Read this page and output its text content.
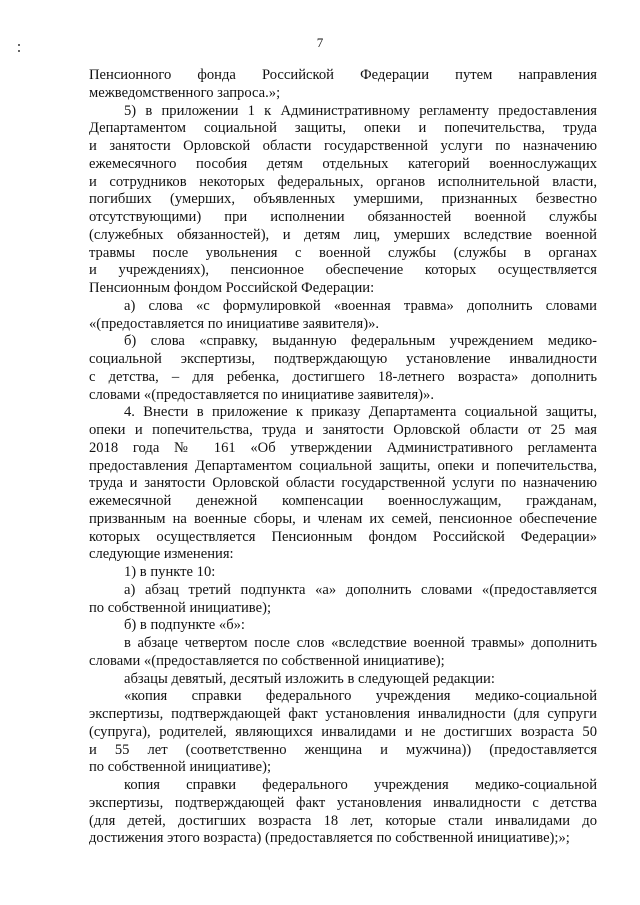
7
Пенсионного фонда Российской Федерации путем направления
межведомственного запроса.»;
5) в приложении 1 к Административному регламенту предоставления
Департаментом социальной защиты, опеки и попечительства, труда
и занятости Орловской области государственной услуги по назначению
ежемесячного пособия детям отдельных категорий военнослужащих
и сотрудников некоторых федеральных, органов исполнительной власти,
погибших (умерших, объявленных умершими, признанных безвестно
отсутствующими) при исполнении обязанностей военной службы
(служебных обязанностей), и детям лиц, умерших вследствие военной
травмы после увольнения с военной службы (службы в органах
и учреждениях), пенсионное обеспечение которых осуществляется
Пенсионным фондом Российской Федерации:
а) слова «с формулировкой «военная травма» дополнить словами
«(предоставляется по инициативе заявителя)».
б) слова «справку, выданную федеральным учреждением медико-
социальной экспертизы, подтверждающую установление инвалидности
с детства, – для ребенка, достигшего 18-летнего возраста» дополнить
словами «(предоставляется по инициативе заявителя)».
4. Внести в приложение к приказу Департамента социальной защиты,
опеки и попечительства, труда и занятости Орловской области от 25 мая
2018 года № 161 «Об утверждении Административного регламента
предоставления Департаментом социальной защиты, опеки и попечительства,
труда и занятости Орловской области государственной услуги по назначению
ежемесячной денежной компенсации военнослужащим, гражданам,
призванным на военные сборы, и членам их семей, пенсионное обеспечение
которых осуществляется Пенсионным фондом Российской Федерации»
следующие изменения:
1) в пункте 10:
а) абзац третий подпункта «а» дополнить словами «(предоставляется
по собственной инициативе);
б) в подпункте «б»:
в абзаце четвертом после слов «вследствие военной травмы» дополнить
словами «(предоставляется по собственной инициативе);
абзацы девятый, десятый изложить в следующей редакции:
«копия справки федерального учреждения медико-социальной
экспертизы, подтверждающей факт установления инвалидности (для супруги
(супруга), родителей, являющихся инвалидами и не достигших возраста 50
и 55 лет (соответственно женщина и мужчина)) (предоставляется
по собственной инициативе);
копия справки федерального учреждения медико-социальной
экспертизы, подтверждающей факт установления инвалидности с детства
(для детей, достигших возраста 18 лет, которые стали инвалидами до
достижения этого возраста) (предоставляется по собственной инициативе);»;
